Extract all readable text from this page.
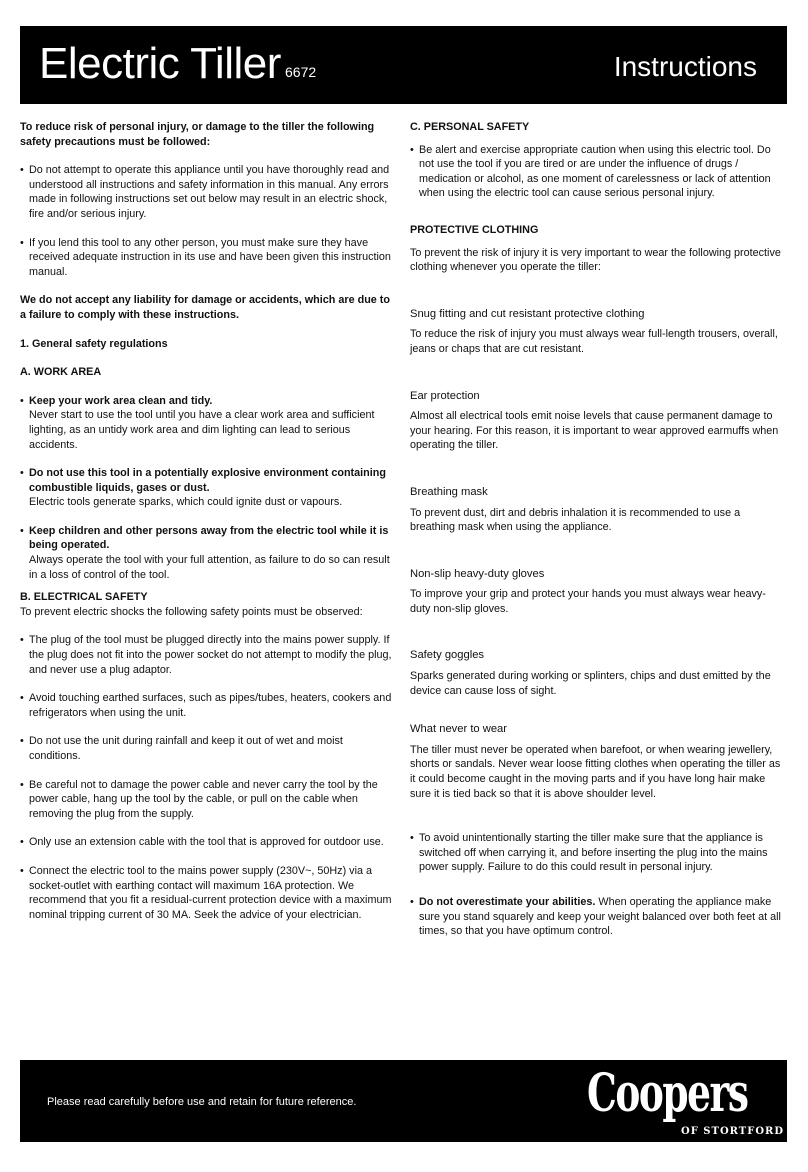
Electric Tiller 6672	Instructions

To reduce risk of personal injury, or damage to the tiller the following safety precautions must be followed:

• Do not attempt to operate this appliance until you have thoroughly read and understood all instructions and safety information in this manual. Any errors made in following instructions set out below may result in an electric shock, fire and/or serious injury.

• If you lend this tool to any other person, you must make sure they have received adequate instruction in its use and have been given this instruction manual.

We do not accept any liability for damage or accidents, which are due to a failure to comply with these instructions.

1. General safety regulations

A. WORK AREA

• Keep your work area clean and tidy.
Never start to use the tool until you have a clear work area and sufficient lighting, as an untidy work area and dim lighting can lead to serious accidents.
• Do not use this tool in a potentially explosive environment containing combustible liquids, gases or dust.
Electric tools generate sparks, which could ignite dust or vapours.
• Keep children and other persons away from the electric tool while it is being operated.
Always operate the tool with your full attention, as failure to do so can result in a loss of control of the tool.

B. ELECTRICAL SAFETY

To prevent electric shocks the following safety points must be observed:

• The plug of the tool must be plugged directly into the mains power supply. If the plug does not fit into the power socket do not attempt to modify the plug, and never use a plug adaptor.

• Avoid touching earthed surfaces, such as pipes/tubes, heaters, cookers and refrigerators when using the unit.

• Do not use the unit during rainfall and keep it out of wet and moist conditions.

• Be careful not to damage the power cable and never carry the tool by the power cable, hang up the tool by the cable, or pull on the cable when removing the plug from the supply.

• Only use an extension cable with the tool that is approved for outdoor use.

• Connect the electric tool to the mains power supply (230V~, 50Hz) via a socket-outlet with earthing contact will maximum 16A protection. We recommend that you fit a residual-current protection device with a maximum nominal tripping current of 30 MA. Seek the advice of your electrician.

C. PERSONAL SAFETY

• Be alert and exercise appropriate caution when using this electric tool. Do not use the tool if you are tired or are under the influence of drugs / medication or alcohol, as one moment of carelessness or lack of attention when using the electric tool can cause serious personal injury.

PROTECTIVE CLOTHING

To prevent the risk of injury it is very important to wear the following protective clothing whenever you operate the tiller:

Snug fitting and cut resistant protective clothing

To reduce the risk of injury you must always wear full-length trousers, overall, jeans or chaps that are cut resistant.

Ear protection

Almost all electrical tools emit noise levels that cause permanent damage to your hearing. For this reason, it is important to wear approved earmuffs when operating the tiller.

Breathing mask

To prevent dust, dirt and debris inhalation it is recommended to use a breathing mask when using the appliance.

Non-slip heavy-duty gloves

To improve your grip and protect your hands you must always wear heavy-duty non-slip gloves.

Safety goggles

Sparks generated during working or splinters, chips and dust emitted by the device can cause loss of sight.

What never to wear

The tiller must never be operated when barefoot, or when wearing jewellery, shorts or sandals. Never wear loose fitting clothes when operating the tiller as it could become caught in the moving parts and if you have long hair make sure it is tied back so that it is above shoulder level.

• To avoid unintentionally starting the tiller make sure that the appliance is switched off when carrying it, and before inserting the plug into the mains power supply. Failure to do this could result in personal injury.

• Do not overestimate your abilities. When operating the appliance make sure you stand squarely and keep your weight balanced over both feet at all times, so that you have optimum control.

Please read carefully before use and retain for future reference.	Coopers
OF STORTFORD
